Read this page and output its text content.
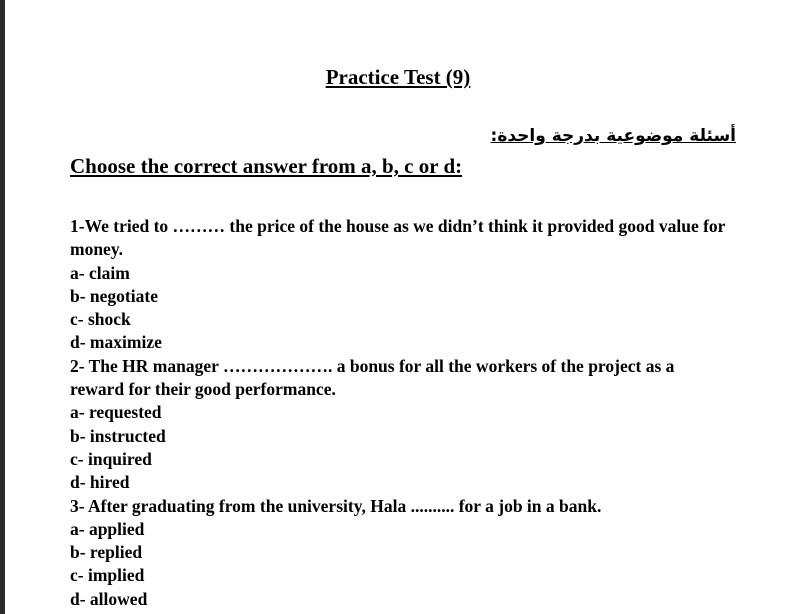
Practice Test (9)
أسئلة موضوعية بدرجة واحدة:
Choose the correct answer from a, b, c or d:

1-We tried to ……… the price of the house as we didn’t think it provided good value for money.

a- claim

b- negotiate

c- shock

d- maximize

2- The HR manager ………………. a bonus for all the workers of the project as a reward for their good performance.

a- requested

b- instructed

c- inquired

d- hired

3- After graduating from the university, Hala .......... for a job in a bank.

a- applied

b- replied

c- implied

d- allowed
